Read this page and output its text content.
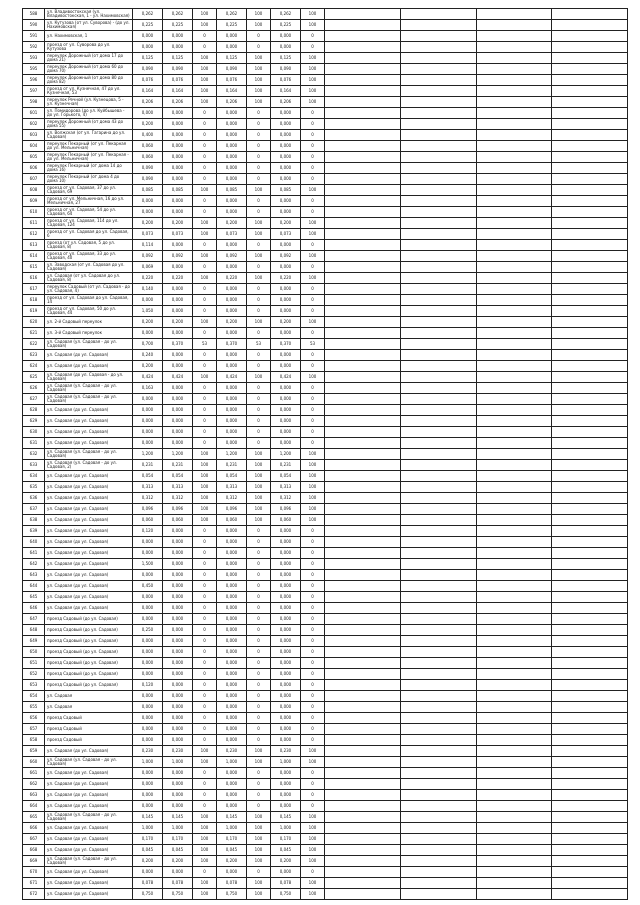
588	ул. Владивостокская (ул. Владивостокская, 1 - ул. Нахимовская)	0,262	0,262	100	0,262	100	0,262	100				
590	ул. Кутузова (от ул. Суворова) - (до ул. Нахимовская)	0,225	0,225	100	0,225	100	0,225	100				
591	ул. Нахимовская, 1	0,000	0,000	0	0,000	0	0,000	0				
592	проезд от ул. Суворова до ул. Кутузова	0,000	0,000	0	0,000	0	0,000	0				
593	переулок Дорожный (от дома 17 до дома 21)	0,125	0,125	100	0,125	100	0,125	100				
595	переулок Дорожный (от дома 60 до дома 70)	0,090	0,090	100	0,090	100	0,090	100				
596	переулок Дорожный (от дома 80 до дома 82)	0,076	0,076	100	0,076	100	0,076	100				
597	проезд от ул. Кузнечная, 47 до ул. Кузнечная, 53	0,164	0,164	100	0,164	100	0,164	100				
598	переулок Речной (ул. Кузнецова, 5 - ул. Кузнечная)	0,206	0,206	100	0,206	100	0,206	100				
601	ул. Помидорова (до ул. Куйбышева - до ул. Горького, 4)	0,000	0,000	0	0,000	0	0,000	0				
602	переулок Дорожный (от дома 43 до дома 55)	0,200	0,000	0	0,000	0	0,000	0				
603	ул. Волжская (от ул. Гагарина до ул. Садовая)	0,400	0,000	0	0,000	0	0,000	0				
604	переулок Пекарный (от ул. Пекарная до ул. Мельничная)	0,060	0,000	0	0,000	0	0,000	0				
605	переулок Пекарный (от ул. Пекарная - до ул. Мельничная)	0,060	0,000	0	0,000	0	0,000	0				
606	переулок Пекарный (от дома 14 до дома 16)	0,090	0,000	0	0,000	0	0,000	0				
607	переулок Пекарный (от дома 4 до дома 10)	0,090	0,000	0	0,000	0	0,000	0				
608	проезд от ул. Садовая, 37 до ул. Садовая, 69	0,085	0,085	100	0,085	100	0,085	100				
609	проезд от ул. Мельничная, 16 до ул. Мельничная, 27	0,000	0,000	0	0,000	0	0,000	0				
610	проезд от ул. Садовая, 54 до ул. Садовая, 64	0,000	0,000	0	0,000	0	0,000	0				
611	проезд от ул. Садовая, 114 до ул. Садовая, 124	0,200	0,200	100	0,200	100	0,200	100				
612	проезд от ул. Садовая до ул. Садовая, 6	0,073	0,073	100	0,073	100	0,073	100				
613	проезд (от ул. Садовая, 5 до ул. Садовая, 8)	0,114	0,000	0	0,000	0	0,000	0				
614	проезд от ул. Садовая, 33 до ул. Садовая, 40	0,092	0,092	100	0,092	100	0,092	100				
615	ул. Заводская (от ул. Садовая до ул. Садовая)	0,069	0,000	0	0,000	0	0,000	0				
616	ул. Садовая (от ул. Садовая до ул. Садовая, 8)	0,220	0,220	100	0,220	100	0,220	100				
617	переулок Садовый (от ул. Садовая - до ул. Садовая, 4)	0,140	0,000	0	0,000	0	0,000	0				
618	проезд от ул. Садовая до ул. Садовая, 14	0,000	0,000	0	0,000	0	0,000	0				
619	проезд от ул. Садовая, 50 до ул. Садовая, 44	1,050	0,000	0	0,000	0	0,000	0				
620	ул. 2-й Садовый переулок	0,200	0,200	100	0,200	100	0,200	100				
621	ул. 3-й Садовый переулок	0,000	0,000	0	0,000	0	0,000	0				
622	ул. Садовая (ул. Садовая - до ул. Садовая)	0,700	0,370	53	0,370	53	0,370	53				
623	ул. Садовая (до ул. Садовая)	0,240	0,000	0	0,000	0	0,000	0				
624	ул. Садовая (до ул. Садовая)	0,200	0,000	0	0,000	0	0,000	0				
625	ул. Садовая (до ул. Садовая - до ул. Садовая)	0,424	0,424	100	0,424	100	0,424	100				
626	ул. Садовая (ул. Садовая - до ул. Садовая)	0,163	0,000	0	0,000	0	0,000	0				
627	ул. Садовая (ул. Садовая - до ул. Садовая)	0,000	0,000	0	0,000	0	0,000	0				
628	ул. Садовая (до ул. Садовая)	0,000	0,000	0	0,000	0	0,000	0				
629	ул. Садовая (до ул. Садовая)	0,000	0,000	0	0,000	0	0,000	0				
630	ул. Садовая (до ул. Садовая)	0,000	0,000	0	0,000	0	0,000	0				
631	ул. Садовая (до ул. Садовая)	0,000	0,000	0	0,000	0	0,000	0				
632	ул. Садовая (ул. Садовая - до ул. Садовая)	1,200	1,200	100	1,200	100	1,200	100				
633	ул. Садовая (ул. Садовая - до ул. Садовая, 2)	0,231	0,231	100	0,231	100	0,231	100				
634	ул. Садовая (до ул. Садовая)	0,054	0,054	100	0,054	100	0,054	100				
635	ул. Садовая (до ул. Садовая)	0,313	0,313	100	0,313	100	0,313	100				
636	ул. Садовая (до ул. Садовая)	0,312	0,312	100	0,312	100	0,312	100				
637	ул. Садовая (до ул. Садовая)	0,096	0,096	100	0,096	100	0,096	100				
638	ул. Садовая (до ул. Садовая)	0,060	0,060	100	0,060	100	0,060	100				
639	ул. Садовая (до ул. Садовая)	0,120	0,000	0	0,000	0	0,000	0				
640	ул. Садовая (до ул. Садовая)	0,000	0,000	0	0,000	0	0,000	0				
641	ул. Садовая (до ул. Садовая)	0,000	0,000	0	0,000	0	0,000	0				
642	ул. Садовая (до ул. Садовая)	1,500	0,000	0	0,000	0	0,000	0				
643	ул. Садовая (до ул. Садовая)	0,000	0,000	0	0,000	0	0,000	0				
644	ул. Садовая (до ул. Садовая)	0,450	0,000	0	0,000	0	0,000	0				
645	ул. Садовая (до ул. Садовая)	0,000	0,000	0	0,000	0	0,000	0				
646	ул. Садовая (до ул. Садовая)	0,000	0,000	0	0,000	0	0,000	0				
647	проезд Садовый (до ул. Садовая)	0,000	0,000	0	0,000	0	0,000	0				
648	проезд Садовый (до ул. Садовая)	0,250	0,000	0	0,000	0	0,000	0				
649	проезд Садовый (до ул. Садовая)	0,000	0,000	0	0,000	0	0,000	0				
650	проезд Садовый (до ул. Садовая)	0,000	0,000	0	0,000	0	0,000	0				
651	проезд Садовый (до ул. Садовая)	0,000	0,000	0	0,000	0	0,000	0				
652	проезд Садовый (до ул. Садовая)	0,000	0,000	0	0,000	0	0,000	0				
653	проезд Садовый (до ул. Садовая)	0,120	0,000	0	0,000	0	0,000	0				
654	ул. Садовая	0,000	0,000	0	0,000	0	0,000	0				
655	ул. Садовая	0,000	0,000	0	0,000	0	0,000	0				
656	проезд Садовый	0,000	0,000	0	0,000	0	0,000	0				
657	проезд Садовый	0,000	0,000	0	0,000	0	0,000	0				
658	проезд Садовый	0,000	0,000	0	0,000	0	0,000	0				
659	ул. Садовая (до ул. Садовая)	0,230	0,230	100	0,230	100	0,230	100				
660	ул. Садовая (ул. Садовая - до ул. Садовая)	1,000	1,000	100	1,000	100	1,000	100				
661	ул. Садовая (до ул. Садовая)	0,000	0,000	0	0,000	0	0,000	0				
662	ул. Садовая (до ул. Садовая)	0,000	0,000	0	0,000	0	0,000	0				
663	ул. Садовая (до ул. Садовая)	0,000	0,000	0	0,000	0	0,000	0				
664	ул. Садовая (до ул. Садовая)	0,000	0,000	0	0,000	0	0,000	0				
665	ул. Садовая (ул. Садовая - до ул. Садовая)	0,145	0,145	100	0,145	100	0,145	100				
666	ул. Садовая (до ул. Садовая)	1,000	1,000	100	1,000	100	1,000	100				
667	ул. Садовая (до ул. Садовая)	0,170	0,170	100	0,170	100	0,170	100				
668	ул. Садовая (до ул. Садовая)	0,045	0,045	100	0,045	100	0,045	100				
669	ул. Садовая (ул. Садовая - до ул. Садовая)	0,200	0,200	100	0,200	100	0,200	100				
670	ул. Садовая (до ул. Садовая)	0,000	0,000	0	0,000	0	0,000	0				
671	ул. Садовая (до ул. Садовая)	0,078	0,078	100	0,078	100	0,078	100				
672	ул. Садовая (до ул. Садовая)	0,750	0,750	100	0,750	100	0,750	100				
